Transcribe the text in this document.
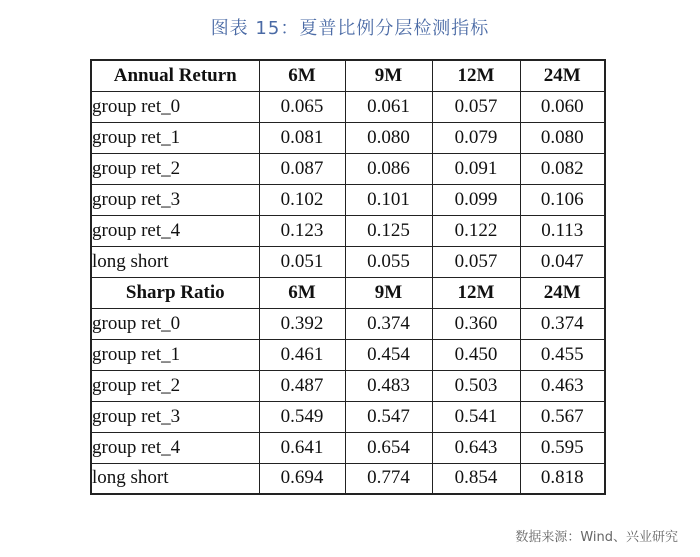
图表 15：夏普比例分层检测指标
Annual Return	6M	9M	12M	24M
group ret_0	0.065	0.061	0.057	0.060
group ret_1	0.081	0.080	0.079	0.080
group ret_2	0.087	0.086	0.091	0.082
group ret_3	0.102	0.101	0.099	0.106
group ret_4	0.123	0.125	0.122	0.113
long short	0.051	0.055	0.057	0.047
Sharp Ratio	6M	9M	12M	24M
group ret_0	0.392	0.374	0.360	0.374
group ret_1	0.461	0.454	0.450	0.455
group ret_2	0.487	0.483	0.503	0.463
group ret_3	0.549	0.547	0.541	0.567
group ret_4	0.641	0.654	0.643	0.595
long short	0.694	0.774	0.854	0.818
数据来源：Wind、兴业研究
